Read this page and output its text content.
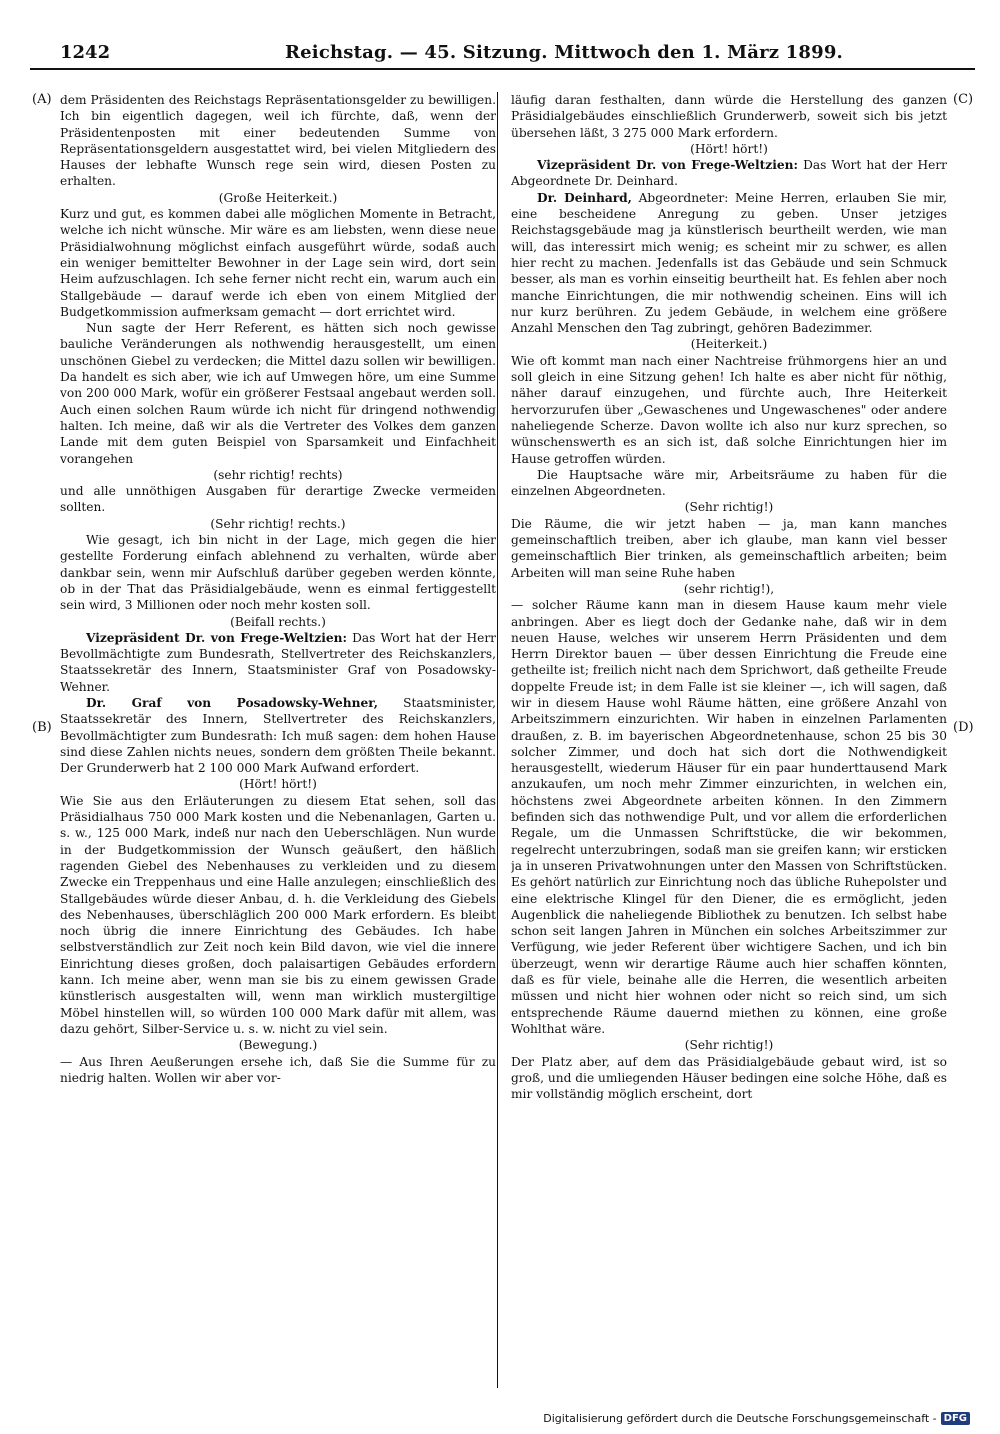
1242	Reichstag. — 45. Sitzung. Mittwoch den 1. März 1899.
(A)
(B)
(C)
(D)

dem Präsidenten des Reichstags Repräsentationsgelder zu bewilligen. Ich bin eigentlich dagegen, weil ich fürchte, daß, wenn der Präsidentenposten mit einer bedeutenden Summe von Repräsentationsgeldern ausgestattet wird, bei vielen Mitgliedern des Hauses der lebhafte Wunsch rege sein wird, diesen Posten zu erhalten.

(Große Heiterkeit.)

Kurz und gut, es kommen dabei alle möglichen Momente in Betracht, welche ich nicht wünsche. Mir wäre es am liebsten, wenn diese neue Präsidialwohnung möglichst einfach ausgeführt würde, sodaß auch ein weniger bemittelter Bewohner in der Lage sein wird, dort sein Heim aufzuschlagen. Ich sehe ferner nicht recht ein, warum auch ein Stallgebäude — darauf werde ich eben von einem Mitglied der Budgetkommission aufmerksam gemacht — dort errichtet wird.

Nun sagte der Herr Referent, es hätten sich noch gewisse bauliche Veränderungen als nothwendig herausgestellt, um einen unschönen Giebel zu verdecken; die Mittel dazu sollen wir bewilligen. Da handelt es sich aber, wie ich auf Umwegen höre, um eine Summe von 200 000 Mark, wofür ein größerer Festsaal angebaut werden soll. Auch einen solchen Raum würde ich nicht für dringend nothwendig halten. Ich meine, daß wir als die Vertreter des Volkes dem ganzen Lande mit dem guten Beispiel von Sparsamkeit und Einfachheit vorangehen

(sehr richtig! rechts)

und alle unnöthigen Ausgaben für derartige Zwecke vermeiden sollten.

(Sehr richtig! rechts.)

Wie gesagt, ich bin nicht in der Lage, mich gegen die hier gestellte Forderung einfach ablehnend zu verhalten, würde aber dankbar sein, wenn mir Aufschluß darüber gegeben werden könnte, ob in der That das Präsidialgebäude, wenn es einmal fertiggestellt sein wird, 3 Millionen oder noch mehr kosten soll.

(Beifall rechts.)

Vizepräsident Dr. von Frege-Weltzien: Das Wort hat der Herr Bevollmächtigte zum Bundesrath, Stellvertreter des Reichskanzlers, Staatssekretär des Innern, Staatsminister Graf von Posadowsky-Wehner.

Dr. Graf von Posadowsky-Wehner, Staatsminister, Staatssekretär des Innern, Stellvertreter des Reichskanzlers, Bevollmächtigter zum Bundesrath: Ich muß sagen: dem hohen Hause sind diese Zahlen nichts neues, sondern dem größten Theile bekannt. Der Grunderwerb hat 2 100 000 Mark Aufwand erfordert.

(Hört! hört!)

Wie Sie aus den Erläuterungen zu diesem Etat sehen, soll das Präsidialhaus 750 000 Mark kosten und die Nebenanlagen, Garten u. s. w., 125 000 Mark, indeß nur nach den Ueberschlägen. Nun wurde in der Budgetkommission der Wunsch geäußert, den häßlich ragenden Giebel des Nebenhauses zu verkleiden und zu diesem Zwecke ein Treppenhaus und eine Halle anzulegen; einschließlich des Stallgebäudes würde dieser Anbau, d. h. die Verkleidung des Giebels des Nebenhauses, überschläglich 200 000 Mark erfordern. Es bleibt noch übrig die innere Einrichtung des Gebäudes. Ich habe selbstverständlich zur Zeit noch kein Bild davon, wie viel die innere Einrichtung dieses großen, doch palaisartigen Gebäudes erfordern kann. Ich meine aber, wenn man sie bis zu einem gewissen Grade künstlerisch ausgestalten will, wenn man wirklich mustergiltige Möbel hinstellen will, so würden 100 000 Mark dafür mit allem, was dazu gehört, Silber-Service u. s. w. nicht zu viel sein.

(Bewegung.)

— Aus Ihren Aeußerungen ersehe ich, daß Sie die Summe für zu niedrig halten. Wollen wir aber vor-

läufig daran festhalten, dann würde die Herstellung des ganzen Präsidialgebäudes einschließlich Grunderwerb, soweit sich bis jetzt übersehen läßt, 3 275 000 Mark erfordern.

(Hört! hört!)

Vizepräsident Dr. von Frege-Weltzien: Das Wort hat der Herr Abgeordnete Dr. Deinhard.

Dr. Deinhard, Abgeordneter: Meine Herren, erlauben Sie mir, eine bescheidene Anregung zu geben. Unser jetziges Reichstagsgebäude mag ja künstlerisch beurtheilt werden, wie man will, das interessirt mich wenig; es scheint mir zu schwer, es allen hier recht zu machen. Jedenfalls ist das Gebäude und sein Schmuck besser, als man es vorhin einseitig beurtheilt hat. Es fehlen aber noch manche Einrichtungen, die mir nothwendig scheinen. Eins will ich nur kurz berühren. Zu jedem Gebäude, in welchem eine größere Anzahl Menschen den Tag zubringt, gehören Badezimmer.

(Heiterkeit.)

Wie oft kommt man nach einer Nachtreise frühmorgens hier an und soll gleich in eine Sitzung gehen! Ich halte es aber nicht für nöthig, näher darauf einzugehen, und fürchte auch, Ihre Heiterkeit hervorzurufen über „Gewaschenes und Ungewaschenes" oder andere naheliegende Scherze. Davon wollte ich also nur kurz sprechen, so wünschenswerth es an sich ist, daß solche Einrichtungen hier im Hause getroffen würden.

Die Hauptsache wäre mir, Arbeitsräume zu haben für die einzelnen Abgeordneten.

(Sehr richtig!)

Die Räume, die wir jetzt haben — ja, man kann manches gemeinschaftlich treiben, aber ich glaube, man kann viel besser gemeinschaftlich Bier trinken, als gemeinschaftlich arbeiten; beim Arbeiten will man seine Ruhe haben

(sehr richtig!),

— solcher Räume kann man in diesem Hause kaum mehr viele anbringen. Aber es liegt doch der Gedanke nahe, daß wir in dem neuen Hause, welches wir unserem Herrn Präsidenten und dem Herrn Direktor bauen — über dessen Einrichtung die Freude eine getheilte ist; freilich nicht nach dem Sprichwort, daß getheilte Freude doppelte Freude ist; in dem Falle ist sie kleiner —, ich will sagen, daß wir in diesem Hause wohl Räume hätten, eine größere Anzahl von Arbeitszimmern einzurichten. Wir haben in einzelnen Parlamenten draußen, z. B. im bayerischen Abgeordnetenhause, schon 25 bis 30 solcher Zimmer, und doch hat sich dort die Nothwendigkeit herausgestellt, wiederum Häuser für ein paar hunderttausend Mark anzukaufen, um noch mehr Zimmer einzurichten, in welchen ein, höchstens zwei Abgeordnete arbeiten können. In den Zimmern befinden sich das nothwendige Pult, und vor allem die erforderlichen Regale, um die Unmassen Schriftstücke, die wir bekommen, regelrecht unterzubringen, sodaß man sie greifen kann; wir ersticken ja in unseren Privatwohnungen unter den Massen von Schriftstücken. Es gehört natürlich zur Einrichtung noch das übliche Ruhepolster und eine elektrische Klingel für den Diener, die es ermöglicht, jeden Augenblick die naheliegende Bibliothek zu benutzen. Ich selbst habe schon seit langen Jahren in München ein solches Arbeitszimmer zur Verfügung, wie jeder Referent über wichtigere Sachen, und ich bin überzeugt, wenn wir derartige Räume auch hier schaffen könnten, daß es für viele, beinahe alle die Herren, die wesentlich arbeiten müssen und nicht hier wohnen oder nicht so reich sind, um sich entsprechende Räume dauernd miethen zu können, eine große Wohlthat wäre.

(Sehr richtig!)

Der Platz aber, auf dem das Präsidialgebäude gebaut wird, ist so groß, und die umliegenden Häuser bedingen eine solche Höhe, daß es mir vollständig möglich erscheint, dort

Digitalisierung gefördert durch die Deutsche Forschungsgemeinschaft - DFG
